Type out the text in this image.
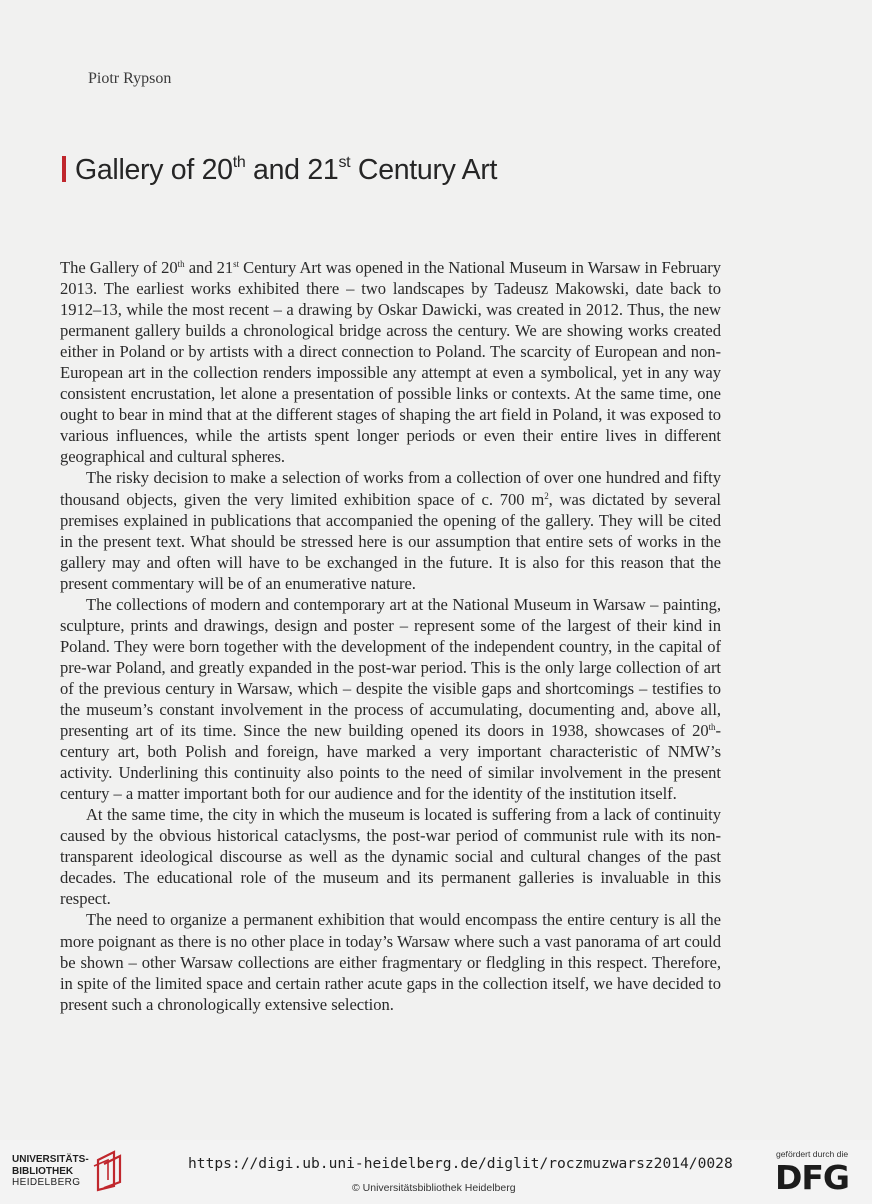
Piotr Rypson
Gallery of 20th and 21st Century Art

The Gallery of 20th and 21st Century Art was opened in the National Museum in Warsaw in February 2013. The earliest works exhibited there – two landscapes by Tadeusz Makowski, date back to 1912–13, while the most recent – a drawing by Oskar Dawicki, was created in 2012. Thus, the new permanent gallery builds a chronological bridge across the century. We are showing works created either in Poland or by artists with a direct connection to Poland. The scarcity of European and non-European art in the collection renders impossible any attempt at even a symbolical, yet in any way consistent encrustation, let alone a presentation of possible links or contexts. At the same time, one ought to bear in mind that at the different stages of shaping the art field in Poland, it was exposed to various influences, while the artists spent longer periods or even their entire lives in different geographical and cultural spheres.

The risky decision to make a selection of works from a collection of over one hundred and fifty thousand objects, given the very limited exhibition space of c. 700 $m^2$, was dictated by several premises explained in publications that accompanied the opening of the gallery. They will be cited in the present text. What should be stressed here is our assumption that entire sets of works in the gallery may and often will have to be exchanged in the future. It is also for this reason that the present commentary will be of an enumerative nature.

The collections of modern and contemporary art at the National Museum in Warsaw – painting, sculpture, prints and drawings, design and poster – represent some of the largest of their kind in Poland. They were born together with the development of the independent country, in the capital of pre-war Poland, and greatly expanded in the post-war period. This is the only large collection of art of the previous century in Warsaw, which – despite the visible gaps and shortcomings – testifies to the museum’s constant involvement in the process of accumulating, documenting and, above all, presenting art of its time. Since the new building opened its doors in 1938, showcases of 20th-century art, both Polish and foreign, have marked a very important characteristic of NMW’s activity. Underlining this continuity also points to the need of similar involvement in the present century – a matter important both for our audience and for the identity of the institution itself.

At the same time, the city in which the museum is located is suffering from a lack of continuity caused by the obvious historical cataclysms, the post-war period of communist rule with its non-transparent ideological discourse as well as the dynamic social and cultural changes of the past decades. The educational role of the museum and its permanent galleries is invaluable in this respect.

The need to organize a permanent exhibition that would encompass the entire century is all the more poignant as there is no other place in today’s Warsaw where such a vast panorama of art could be shown – other Warsaw collections are either fragmentary or fledgling in this respect. Therefore, in spite of the limited space and certain rather acute gaps in the collection itself, we have decided to present such a chronologically extensive selection.

UNIVERSITÄTS-
BIBLIOTHEK
HEIDELBERG
https://digi.ub.uni-heidelberg.de/diglit/roczmuzwarsz2014/0028
© Universitätsbibliothek Heidelberg
gefördert durch die
DFG
